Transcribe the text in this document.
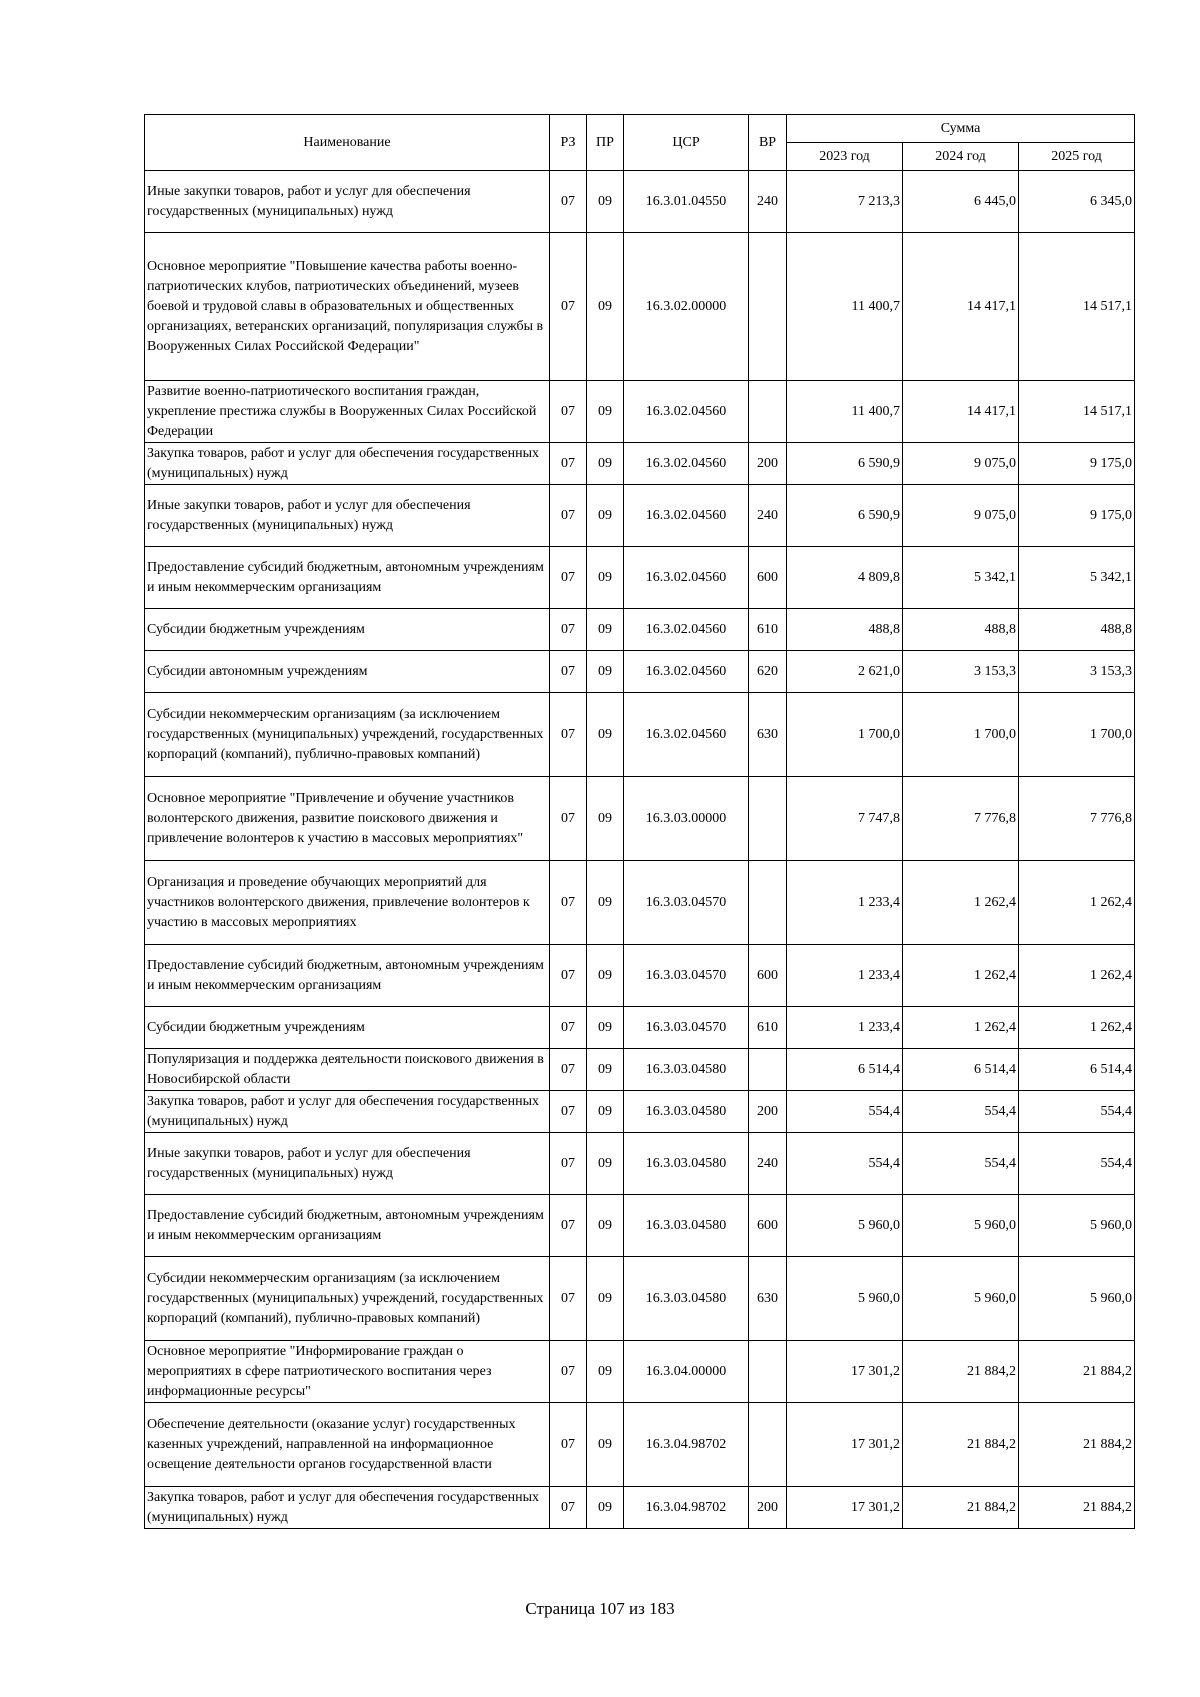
Наименование	РЗ	ПР	ЦСР	ВР	Сумма		
					2023 год	2024 год	2025 год
Иные закупки товаров, работ и услуг для обеспечения государственных (муниципальных) нужд	07	09	16.3.01.04550	240	7 213,3	6 445,0	6 345,0
Основное мероприятие "Повышение качества работы военно-патриотических клубов, патриотических объединений, музеев боевой и трудовой славы в образовательных и общественных организациях, ветеранских организаций, популяризация службы в Вооруженных Силах Российской Федерации"	07	09	16.3.02.00000		11 400,7	14 417,1	14 517,1
Развитие военно-патриотического воспитания граждан, укрепление престижа службы в Вооруженных Силах Российской Федерации	07	09	16.3.02.04560		11 400,7	14 417,1	14 517,1
Закупка товаров, работ и услуг для обеспечения государственных (муниципальных) нужд	07	09	16.3.02.04560	200	6 590,9	9 075,0	9 175,0
Иные закупки товаров, работ и услуг для обеспечения государственных (муниципальных) нужд	07	09	16.3.02.04560	240	6 590,9	9 075,0	9 175,0
Предоставление субсидий бюджетным, автономным учреждениям и иным некоммерческим организациям	07	09	16.3.02.04560	600	4 809,8	5 342,1	5 342,1
Субсидии бюджетным учреждениям	07	09	16.3.02.04560	610	488,8	488,8	488,8
Субсидии автономным учреждениям	07	09	16.3.02.04560	620	2 621,0	3 153,3	3 153,3
Субсидии некоммерческим организациям (за исключением государственных (муниципальных) учреждений, государственных корпораций (компаний), публично-правовых компаний)	07	09	16.3.02.04560	630	1 700,0	1 700,0	1 700,0
Основное мероприятие "Привлечение и обучение участников волонтерского движения, развитие поискового движения и привлечение волонтеров к участию в массовых мероприятиях"	07	09	16.3.03.00000		7 747,8	7 776,8	7 776,8
Организация и проведение обучающих мероприятий для участников волонтерского движения, привлечение волонтеров к участию в массовых мероприятиях	07	09	16.3.03.04570		1 233,4	1 262,4	1 262,4
Предоставление субсидий бюджетным, автономным учреждениям и иным некоммерческим организациям	07	09	16.3.03.04570	600	1 233,4	1 262,4	1 262,4
Субсидии бюджетным учреждениям	07	09	16.3.03.04570	610	1 233,4	1 262,4	1 262,4
Популяризация и поддержка деятельности поискового движения в Новосибирской области	07	09	16.3.03.04580		6 514,4	6 514,4	6 514,4
Закупка товаров, работ и услуг для обеспечения государственных (муниципальных) нужд	07	09	16.3.03.04580	200	554,4	554,4	554,4
Иные закупки товаров, работ и услуг для обеспечения государственных (муниципальных) нужд	07	09	16.3.03.04580	240	554,4	554,4	554,4
Предоставление субсидий бюджетным, автономным учреждениям и иным некоммерческим организациям	07	09	16.3.03.04580	600	5 960,0	5 960,0	5 960,0
Субсидии некоммерческим организациям (за исключением государственных (муниципальных) учреждений, государственных корпораций (компаний), публично-правовых компаний)	07	09	16.3.03.04580	630	5 960,0	5 960,0	5 960,0
Основное мероприятие "Информирование граждан о мероприятиях в сфере патриотического воспитания через информационные ресурсы"	07	09	16.3.04.00000		17 301,2	21 884,2	21 884,2
Обеспечение деятельности (оказание услуг) государственных казенных учреждений, направленной на информационное освещение деятельности органов государственной власти	07	09	16.3.04.98702		17 301,2	21 884,2	21 884,2
Закупка товаров, работ и услуг для обеспечения государственных (муниципальных) нужд	07	09	16.3.04.98702	200	17 301,2	21 884,2	21 884,2
Страница 107 из 183
